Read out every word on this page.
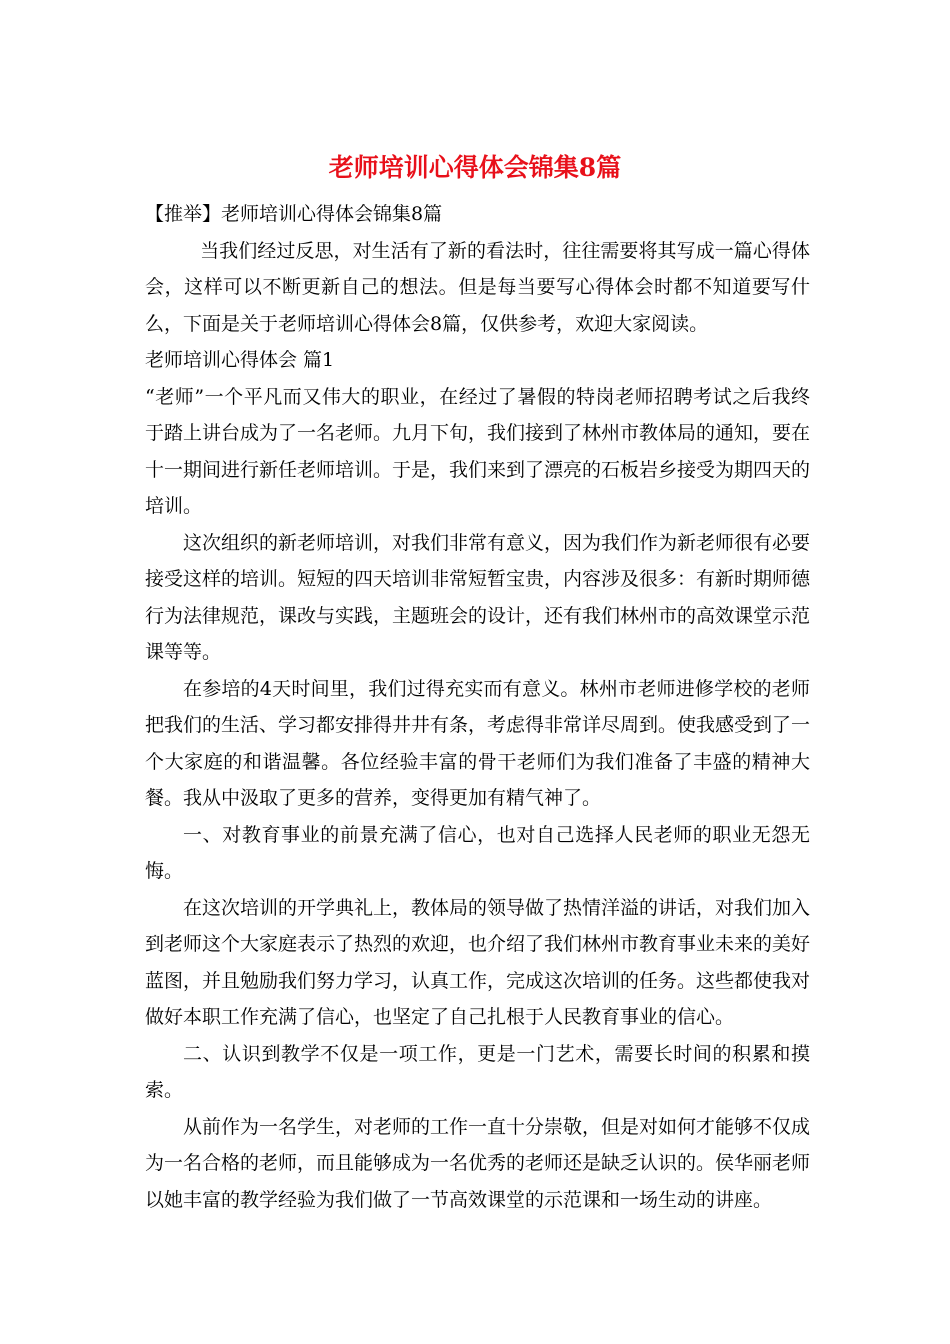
老师培训心得体会锦集8篇

【推举】老师培训心得体会锦集8篇

当我们经过反思，对生活有了新的看法时，往往需要将其写成一篇心得体会，这样可以不断更新自己的想法。但是每当要写心得体会时都不知道要写什么，下面是关于老师培训心得体会8篇，仅供参考，欢迎大家阅读。

老师培训心得体会 篇1

“老师”一个平凡而又伟大的职业，在经过了暑假的特岗老师招聘考试之后我终于踏上讲台成为了一名老师。九月下旬，我们接到了林州市教体局的通知，要在十一期间进行新任老师培训。于是，我们来到了漂亮的石板岩乡接受为期四天的培训。

这次组织的新老师培训，对我们非常有意义，因为我们作为新老师很有必要接受这样的培训。短短的四天培训非常短暂宝贵，内容涉及很多：有新时期师德行为法律规范，课改与实践，主题班会的设计，还有我们林州市的高效课堂示范课等等。

在参培的4天时间里，我们过得充实而有意义。林州市老师进修学校的老师把我们的生活、学习都安排得井井有条，考虑得非常详尽周到。使我感受到了一个大家庭的和谐温馨。各位经验丰富的骨干老师们为我们准备了丰盛的精神大餐。我从中汲取了更多的营养，变得更加有精气神了。

一、对教育事业的前景充满了信心，也对自己选择人民老师的职业无怨无悔。

在这次培训的开学典礼上，教体局的领导做了热情洋溢的讲话，对我们加入到老师这个大家庭表示了热烈的欢迎，也介绍了我们林州市教育事业未来的美好蓝图，并且勉励我们努力学习，认真工作，完成这次培训的任务。这些都使我对做好本职工作充满了信心，也坚定了自己扎根于人民教育事业的信心。

二、认识到教学不仅是一项工作，更是一门艺术，需要长时间的积累和摸索。

从前作为一名学生，对老师的工作一直十分崇敬，但是对如何才能够不仅成为一名合格的老师，而且能够成为一名优秀的老师还是缺乏认识的。侯华丽老师以她丰富的教学经验为我们做了一节高效课堂的示范课和一场生动的讲座。
